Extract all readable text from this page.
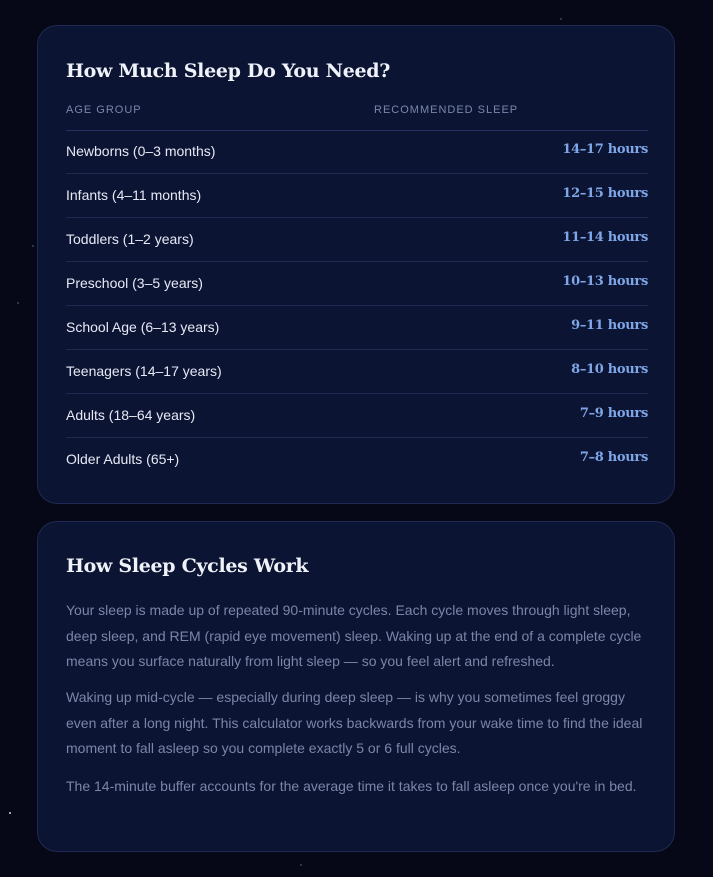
How Much Sleep Do You Need?
AGE GROUP	RECOMMENDED SLEEP
Newborns (0–3 months)	14–17 hours
Infants (4–11 months)	12–15 hours
Toddlers (1–2 years)	11–14 hours
Preschool (3–5 years)	10–13 hours
School Age (6–13 years)	9–11 hours
Teenagers (14–17 years)	8–10 hours
Adults (18–64 years)	7–9 hours
Older Adults (65+)	7–8 hours
How Sleep Cycles Work

Your sleep is made up of repeated 90-minute cycles. Each cycle moves through light sleep, deep sleep, and REM (rapid eye movement) sleep. Waking up at the end of a complete cycle means you surface naturally from light sleep — so you feel alert and refreshed.

Waking up mid-cycle — especially during deep sleep — is why you sometimes feel groggy even after a long night. This calculator works backwards from your wake time to find the ideal moment to fall asleep so you complete exactly 5 or 6 full cycles.

The 14-minute buffer accounts for the average time it takes to fall asleep once you're in bed.
